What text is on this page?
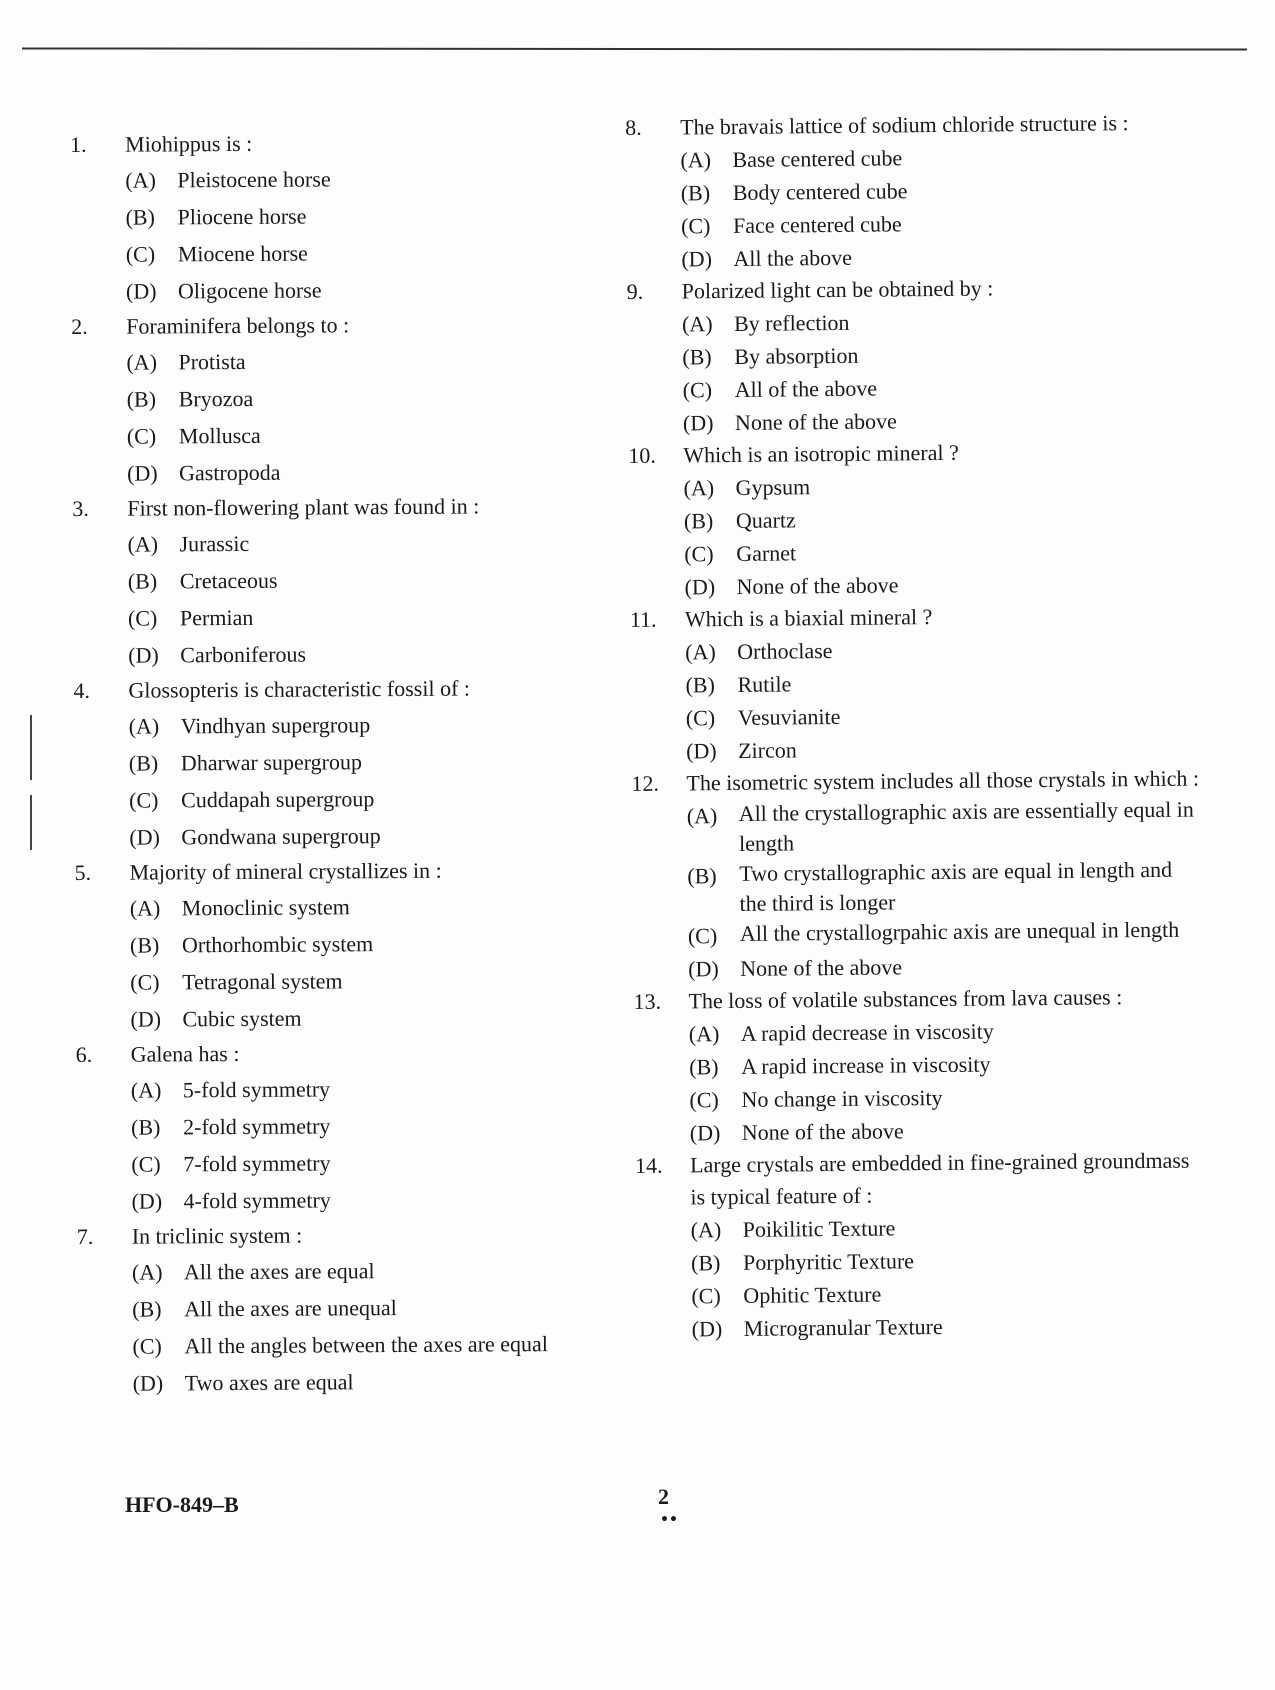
1.	Miohippus is :
(A) Pleistocene horse
(B)	Pliocene horse
(C)	Miocene horse
(D) Oligocene horse
2.	Foraminifera belongs to :
(A) Protista
(B)	Bryozoa
(C)	Mollusca
(D) Gastropoda
3.	First non-flowering plant was found in :
(A) Jurassic
(B)	Cretaceous
(C)	Permian
(D) Carboniferous
4.	Glossopteris is characteristic fossil of :
(A) Vindhyan supergroup
(B)	Dharwar supergroup
(C)	Cuddapah supergroup
(D) Gondwana supergroup
5.	Majority of mineral crystallizes in :
(A) Monoclinic system
(B)	Orthorhombic system
(C)	Tetragonal system
(D) Cubic system
6.	Galena has :
(A) 5-fold symmetry
(B)	2-fold symmetry
(C)	7-fold symmetry
(D) 4-fold symmetry
7.	In triclinic system :
(A) All the axes are equal
(B)	All the axes are unequal
(C)	All the angles between the axes are equal
(D) Two axes are equal
8.	The bravais lattice of sodium chloride structure is :
(A) Base centered cube
(B)	Body centered cube
(C)	Face centered cube
(D) All the above
9.	Polarized light can be obtained by :
(A) By reflection
(B)	By absorption
(C)	All of the above
(D) None of the above
10.	Which is an isotropic mineral ?
(A) Gypsum
(B)	Quartz
(C)	Garnet
(D) None of the above
11.	Which is a biaxial mineral ?
(A) Orthoclase
(B)	Rutile
(C)	Vesuvianite
(D) Zircon
12.	The isometric system includes all those crystals in which :
(A) All the crystallographic axis are essentially equal in length
(B)	Two crystallographic axis are equal in length and the third is longer
(C)	All the crystallogrpahic axis are unequal in length
(D) None of the above
13.	The loss of volatile substances from lava causes :
(A) A rapid decrease in viscosity
(B)	A rapid increase in viscosity
(C)	No change in viscosity
(D) None of the above
14.	Large crystals are embedded in fine-grained groundmass is typical feature of :
(A) Poikilitic Texture
(B)	Porphyritic Texture
(C)	Ophitic Texture
(D) Microgranular Texture
HFO-849–B	2
••
